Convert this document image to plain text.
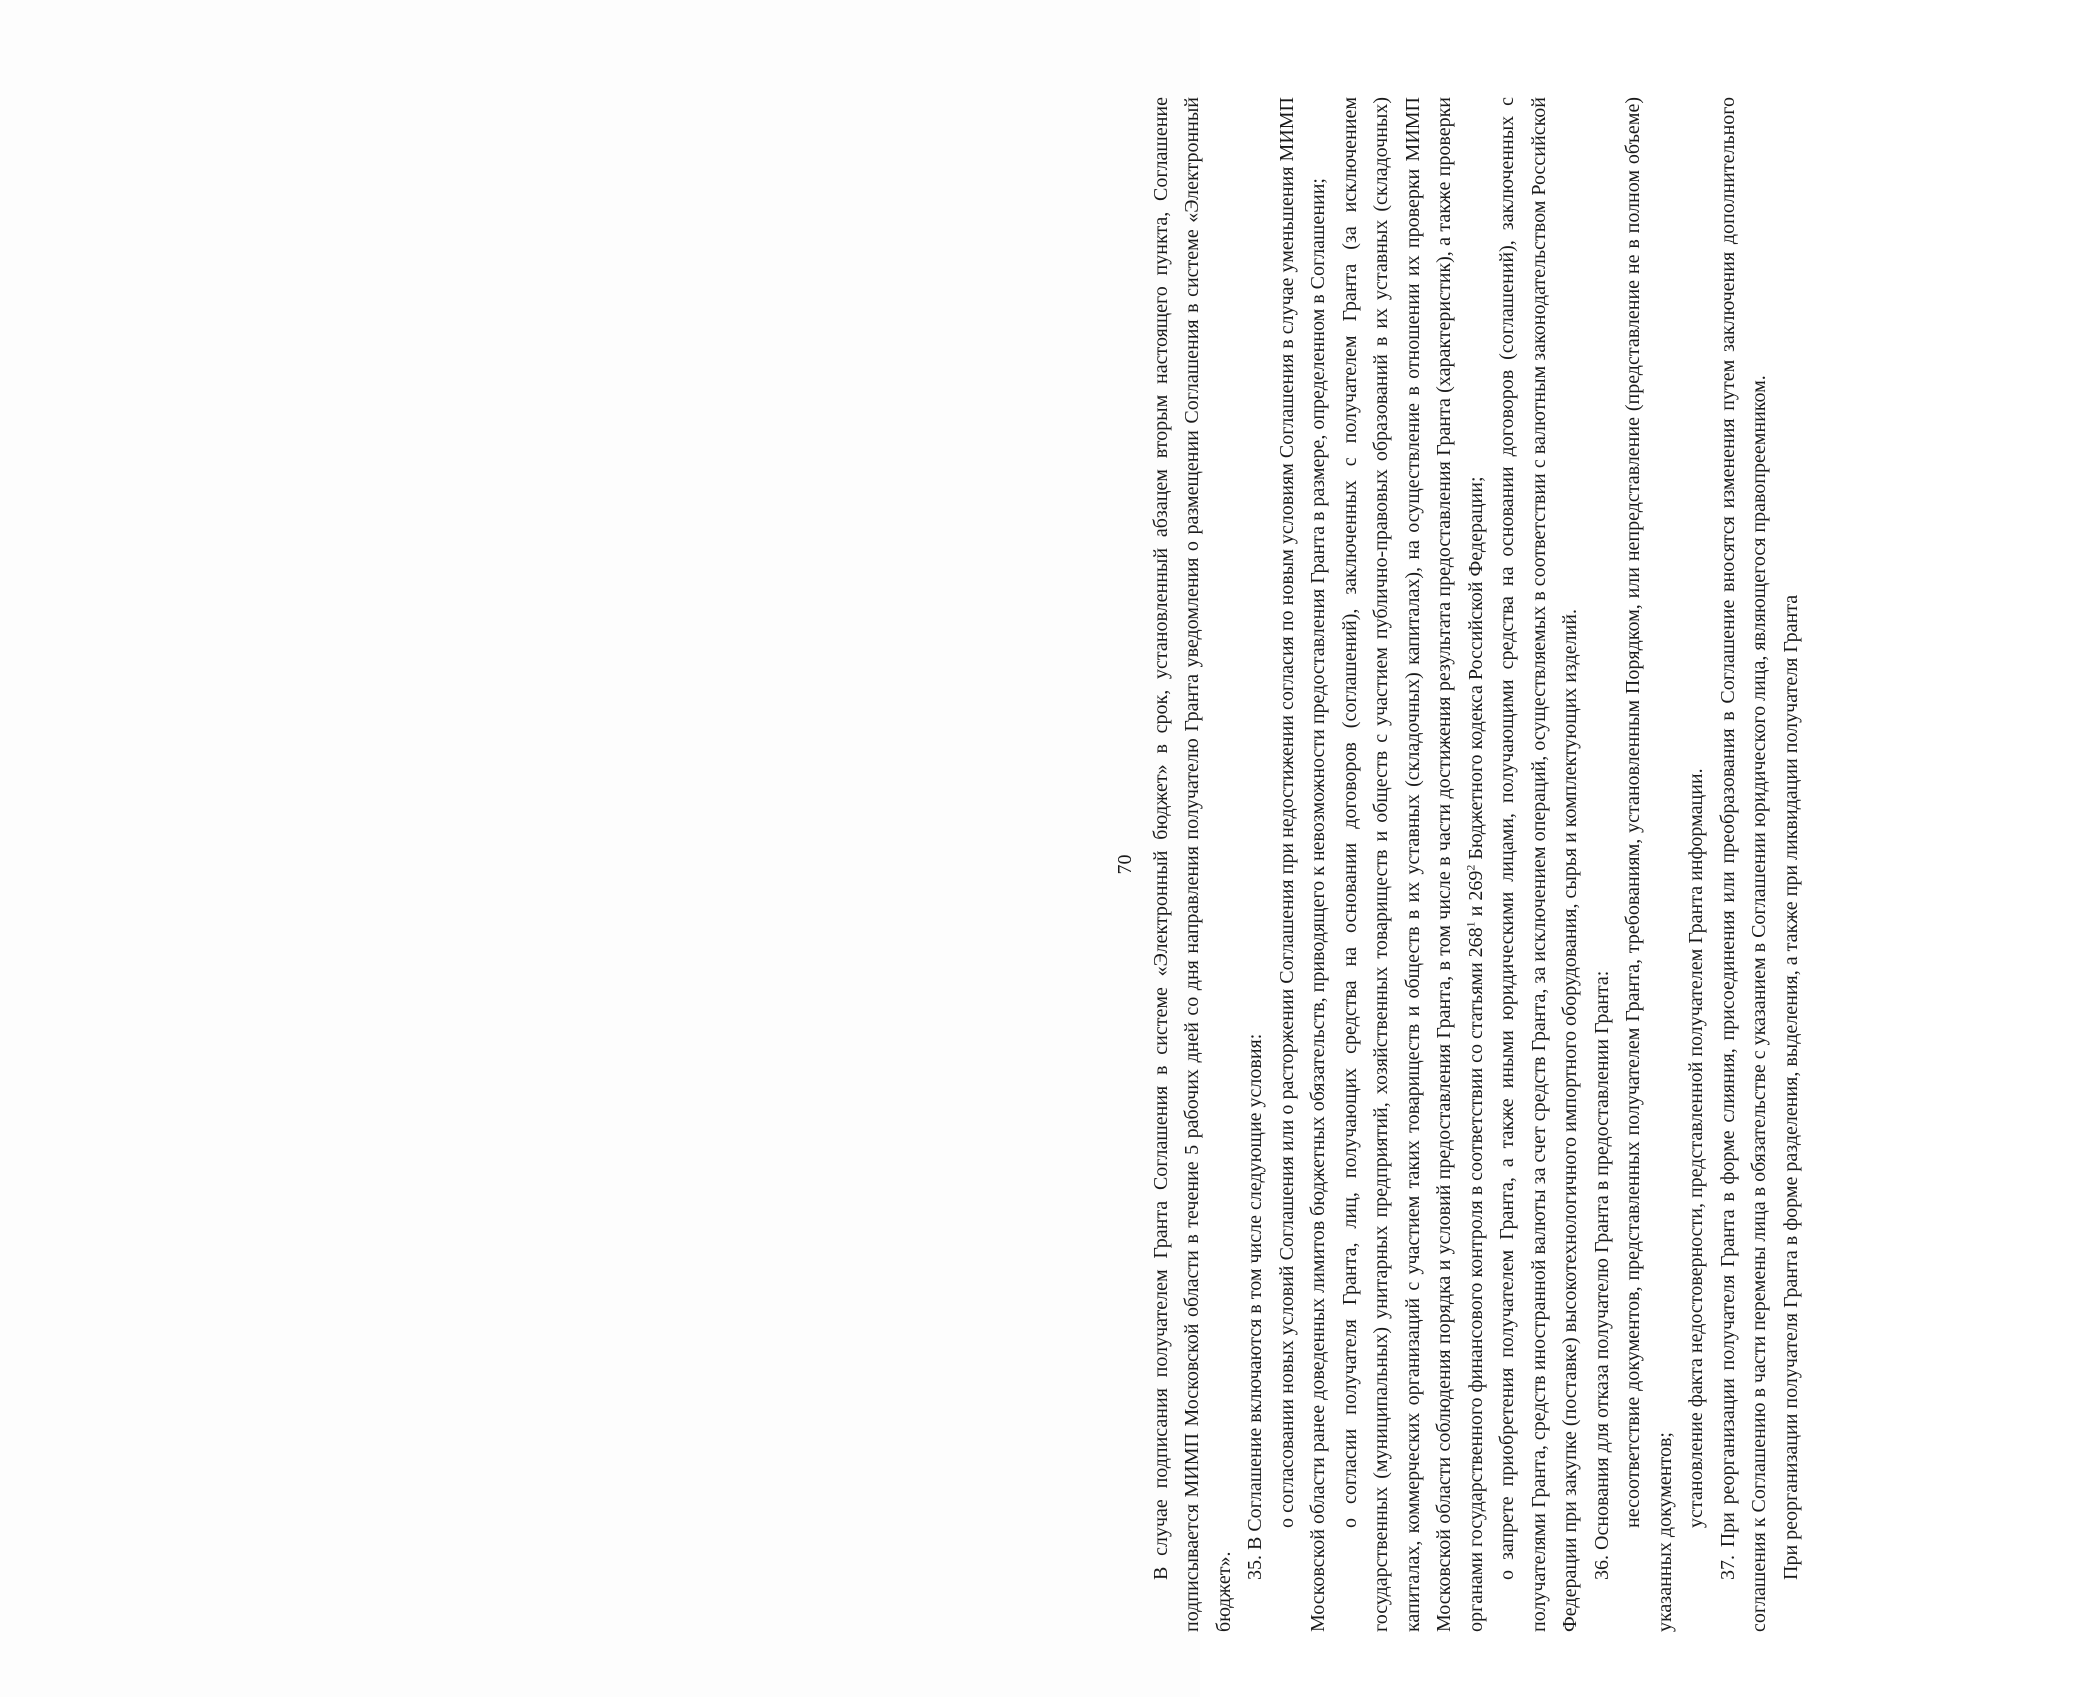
70 В случае подписания получателем Гранта Соглашения в системе «Электронный бюджет» в срок, установленный абзацем вторым настоящего пункта, Соглашение подписывается МИМП Московской области в течение 5 рабочих дней со дня направления получателю Гранта уведомления о размещении Соглашения в системе «Электронный бюджет».

35. В Соглашение включаются в том числе следующие условия: о согласовании новых условий Соглашения или о расторжении Соглашения при недостижении согласия по новым условиям Соглашения в случае уменьшения МИМП Московской области ранее доведенных лимитов бюджетных обязательств, приводящего к невозможности предоставления Гранта в размере, определенном в Соглашении; о согласии получателя Гранта, лиц, получающих средства на основании договоров (соглашений), заключенных с получателем Гранта (за исключением государственных (муниципальных) унитарных предприятий, хозяйственных товариществ и обществ с участием публично-правовых образований в их уставных (складочных) капиталах, коммерческих организаций с участием таких товариществ и обществ в их уставных (складочных) капиталах), на осуществление в отношении их проверки МИМП Московской области соблюдения порядка и условий предоставления Гранта, в том числе в части достижения результата предоставления Гранта (характеристик), а также проверки органами государственного финансового контроля в соответствии со статьями $268^1$ и $269^2$ Бюджетного кодекса Российской Федерации; о запрете приобретения получателем Гранта, а также иными юридическими лицами, получающими средства на основании договоров (соглашений), заключенных с получателями Гранта, средств иностранной валюты за счет средств Гранта, за исключением операций, осуществляемых в соответствии с валютным законодательством Российской Федерации при закупке (поставке) высокотехнологичного импортного оборудования, сырья и комплектующих изделий. 36. Основания для отказа получателю Гранта в предоставлении Гранта: несоответствие документов, представленных получателем Гранта, требованиям, установленным Порядком, или непредставление (представление не в полном объеме) указанных документов;

установление факта недостоверности, представленной получателем Гранта информации. 37. При реорганизации получателя Гранта в форме слияния, присоединения или преобразования в Соглашение вносятся изменения путем заключения дополнительного соглашения к Соглашению в части перемены лица в обязательстве с указанием в Соглашении юридического лица, являющегося правопреемником. При реорганизации получателя Гранта в форме разделения, выделения, а также при ликвидации получателя Гранта
